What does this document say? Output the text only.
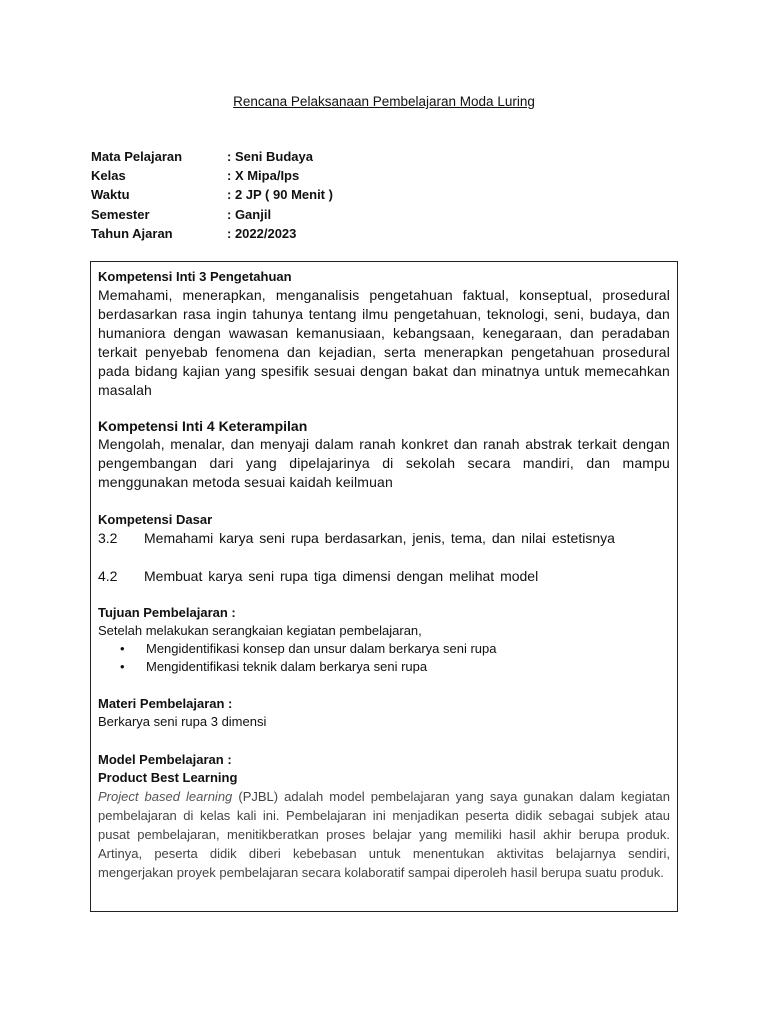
Rencana Pelaksanaan Pembelajaran Moda Luring
Mata Pelajaran	: Seni Budaya
Kelas	: X Mipa/Ips
Waktu	: 2 JP ( 90 Menit )
Semester	: Ganjil
Tahun Ajaran	: 2022/2023
Kompetensi Inti 3 Pengetahuan
Memahami, menerapkan, menganalisis pengetahuan faktual, konseptual, prosedural berdasarkan rasa ingin tahunya tentang ilmu pengetahuan, teknologi, seni, budaya, dan humaniora dengan wawasan kemanusiaan, kebangsaan, kenegaraan, dan peradaban terkait penyebab fenomena dan kejadian, serta menerapkan pengetahuan prosedural pada bidang kajian yang spesifik sesuai dengan bakat dan minatnya untuk memecahkan masalah
Kompetensi Inti 4 Keterampilan
Mengolah, menalar, dan menyaji dalam ranah konkret dan ranah abstrak terkait dengan pengembangan dari yang dipelajarinya di sekolah secara mandiri, dan mampu menggunakan metoda sesuai kaidah keilmuan
Kompetensi Dasar
3.2	Memahami karya seni rupa berdasarkan, jenis, tema, dan nilai estetisnya
4.2	Membuat karya seni rupa tiga dimensi dengan melihat model
Tujuan Pembelajaran :
Setelah melakukan serangkaian kegiatan pembelajaran,
• Mengidentifikasi konsep dan unsur dalam berkarya seni rupa
• Mengidentifikasi teknik dalam berkarya seni rupa
Materi Pembelajaran :
Berkarya seni rupa 3 dimensi
Model Pembelajaran :
Product Best Learning
Project based learning (PJBL) adalah model pembelajaran yang saya gunakan dalam kegiatan pembelajaran di kelas kali ini. Pembelajaran ini menjadikan peserta didik sebagai subjek atau pusat pembelajaran, menitikberatkan proses belajar yang memiliki hasil akhir berupa produk. Artinya, peserta didik diberi kebebasan untuk menentukan aktivitas belajarnya sendiri, mengerjakan proyek pembelajaran secara kolaboratif sampai diperoleh hasil berupa suatu produk.
